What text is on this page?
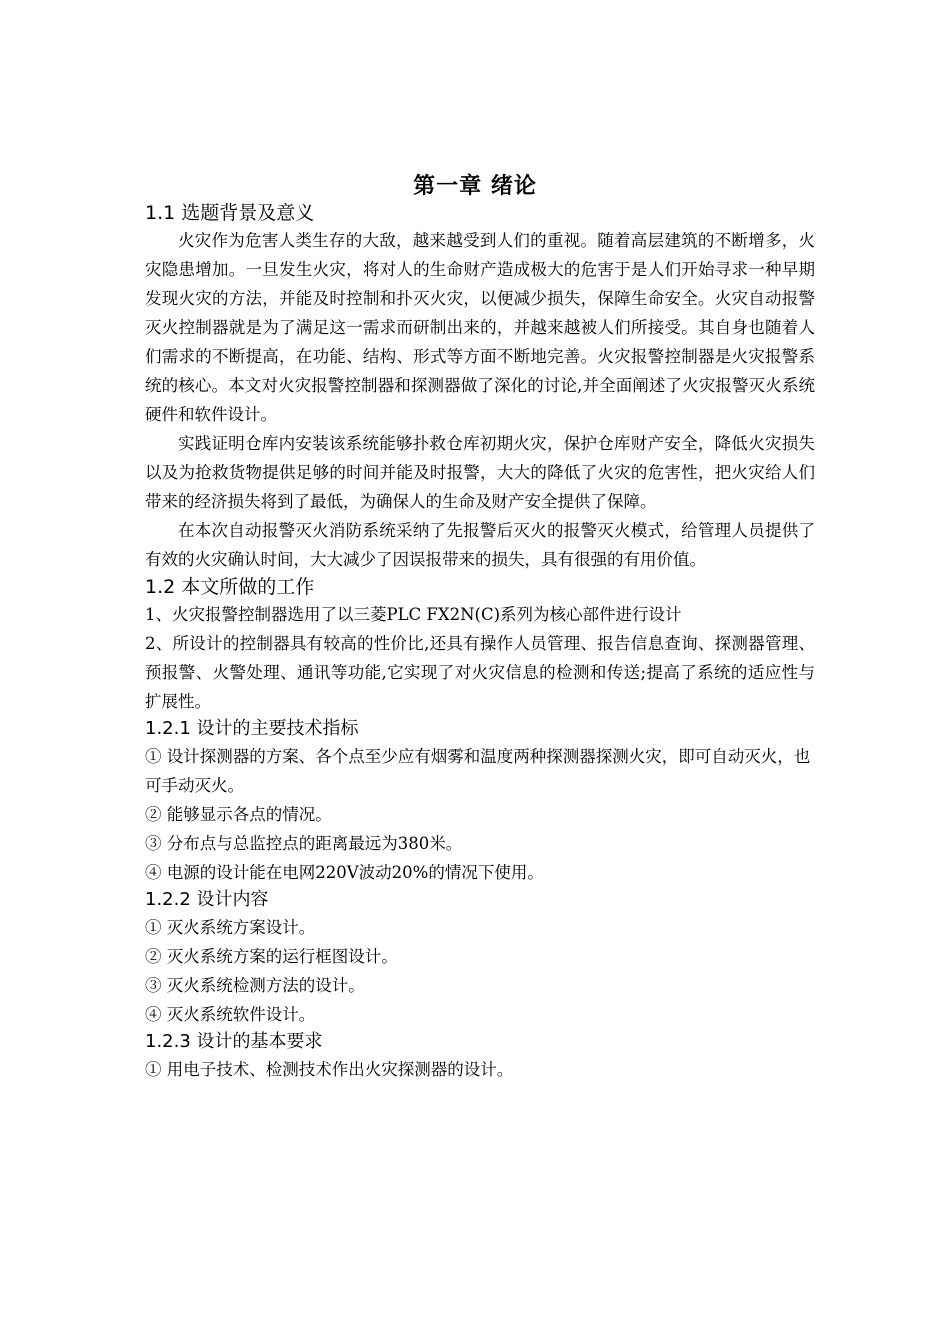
第一章 绪论
1.1 选题背景及意义

火灾作为危害人类生存的大敌，越来越受到人们的重视。随着高层建筑的不断增多，火灾隐患增加。一旦发生火灾，将对人的生命财产造成极大的危害于是人们开始寻求一种早期发现火灾的方法，并能及时控制和扑灭火灾，以便减少损失，保障生命安全。火灾自动报警灭火控制器就是为了满足这一需求而研制出来的，并越来越被人们所接受。其自身也随着人们需求的不断提高，在功能、结构、形式等方面不断地完善。火灾报警控制器是火灾报警系统的核心。本文对火灾报警控制器和探测器做了深化的讨论,并全面阐述了火灾报警灭火系统硬件和软件设计。

实践证明仓库内安装该系统能够扑救仓库初期火灾，保护仓库财产安全，降低火灾损失以及为抢救货物提供足够的时间并能及时报警，大大的降低了火灾的危害性，把火灾给人们带来的经济损失将到了最低，为确保人的生命及财产安全提供了保障。

在本次自动报警灭火消防系统采纳了先报警后灭火的报警灭火模式，给管理人员提供了有效的火灾确认时间，大大减少了因误报带来的损失，具有很强的有用价值。

1.2 本文所做的工作

1、火灾报警控制器选用了以三菱PLC FX2N(C)系列为核心部件进行设计

2、所设计的控制器具有较高的性价比,还具有操作人员管理、报告信息查询、探测器管理、预报警、火警处理、通讯等功能,它实现了对火灾信息的检测和传送;提高了系统的适应性与扩展性。

1.2.1 设计的主要技术指标

① 设计探测器的方案、各个点至少应有烟雾和温度两种探测器探测火灾，即可自动灭火，也可手动灭火。

② 能够显示各点的情况。

③ 分布点与总监控点的距离最远为380米。

④ 电源的设计能在电网220V波动20%的情况下使用。

1.2.2 设计内容

① 灭火系统方案设计。

② 灭火系统方案的运行框图设计。

③ 灭火系统检测方法的设计。

④ 灭火系统软件设计。

1.2.3 设计的基本要求

① 用电子技术、检测技术作出火灾探测器的设计。
